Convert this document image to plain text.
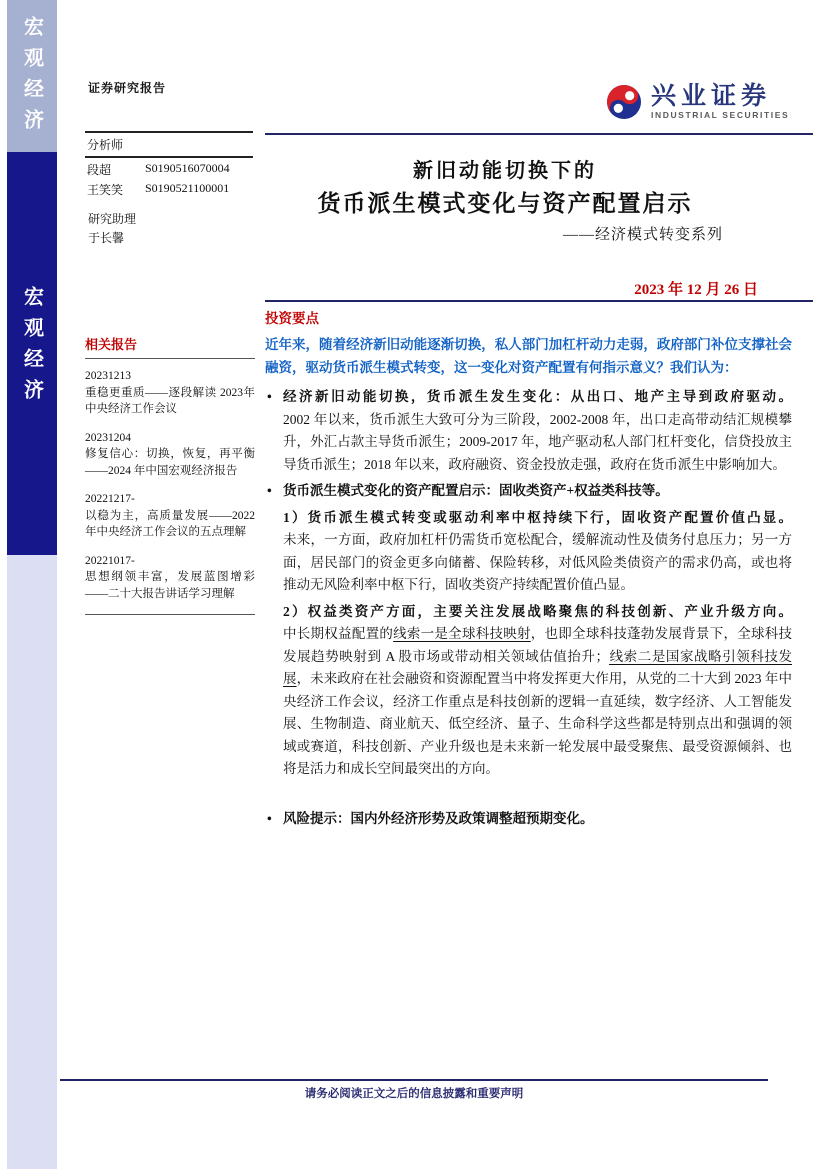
宏观经济
宏观经济
证券研究报告
分析师
段超	S0190516070004
王笑笑	S0190521100001
研究助理
于长馨
相关报告
20231213
重稳更重质——逐段解读 2023年中央经济工作会议
20231204
修复信心：切换，恢复，再平衡——2024 年中国宏观经济报告
20221217-
以稳为主，高质量发展——2022 年中央经济工作会议的五点理解
20221017-
思想纲领丰富，发展蓝图增彩——二十大报告讲话学习理解
兴业证券
INDUSTRIAL SECURITIES
新旧动能切换下的
货币派生模式变化与资产配置启示
——经济模式转变系列
2023 年 12 月 26 日
投资要点

近年来，随着经济新旧动能逐渐切换，私人部门加杠杆动力走弱，政府部门补位支撑社会融资，驱动货币派生模式转变，这一变化对资产配置有何指示意义？我们认为：

• 经济新旧动能切换，货币派生发生变化：从出口、地产主导到政府驱动。
2002 年以来，货币派生大致可分为三阶段，2002-2008 年，出口走高带动结汇规模攀升，外汇占款主导货币派生；2009-2017 年，地产驱动私人部门杠杆变化，信贷投放主导货币派生；2018 年以来，政府融资、资金投放走强，政府在货币派生中影响加大。
• 货币派生模式变化的资产配置启示：固收类资产+权益类科技等。

1）货币派生模式转变或驱动利率中枢持续下行，固收资产配置价值凸显。
未来，一方面，政府加杠杆仍需货币宽松配合，缓解流动性及债务付息压力；另一方面，居民部门的资金更多向储蓄、保险转移，对低风险类债资产的需求仍高，或也将推动无风险利率中枢下行，固收类资产持续配置价值凸显。

2）权益类资产方面，主要关注发展战略聚焦的科技创新、产业升级方向。
中长期权益配置的线索一是全球科技映射，也即全球科技蓬勃发展背景下，全球科技发展趋势映射到 A 股市场或带动相关领域估值抬升；线索二是国家战略引领科技发展，未来政府在社会融资和资源配置当中将发挥更大作用，从党的二十大到 2023 年中央经济工作会议，经济工作重点是科技创新的逻辑一直延续，数字经济、人工智能发展、生物制造、商业航天、低空经济、量子、生命科学这些都是特别点出和强调的领域或赛道，科技创新、产业升级也是未来新一轮发展中最受聚焦、最受资源倾斜、也将是活力和成长空间最突出的方向。

• 风险提示：国内外经济形势及政策调整超预期变化。
请务必阅读正文之后的信息披露和重要声明
